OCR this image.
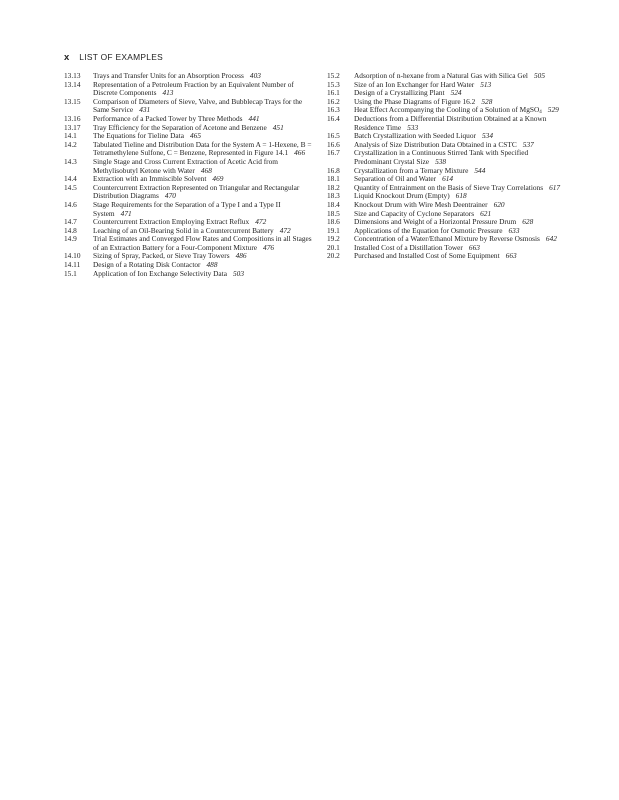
x LIST OF EXAMPLES
13.13	Trays and Transfer Units for an Absorption Process 403
13.14	Representation of a Petroleum Fraction by an Equivalent Number of Discrete Components 413
13.15	Comparison of Diameters of Sieve, Valve, and Bubblecap Trays for the Same Service 431
13.16	Performance of a Packed Tower by Three Methods 441
13.17	Tray Efficiency for the Separation of Acetone and Benzene 451
14.1	The Equations for Tieline Data 465
14.2	Tabulated Tieline and Distribution Data for the System A = 1-Hexene, B = Tetramethylene Sulfone, C = Benzene, Represented in Figure 14.1 466
14.3	Single Stage and Cross Current Extraction of Acetic Acid from Methylisobutyl Ketone with Water 468
14.4	Extraction with an Immiscible Solvent 469
14.5	Countercurrent Extraction Represented on Triangular and Rectangular Distribution Diagrams 470
14.6	Stage Requirements for the Separation of a Type I and a Type II System 471
14.7	Countercurrent Extraction Employing Extract Reflux 472
14.8	Leaching of an Oil-Bearing Solid in a Countercurrent Battery 472
14.9	Trial Estimates and Converged Flow Rates and Compositions in all Stages of an Extraction Battery for a Four-Component Mixture 476
14.10	Sizing of Spray, Packed, or Sieve Tray Towers 486
14.11	Design of a Rotating Disk Contactor 488
15.1	Application of Ion Exchange Selectivity Data 503
15.2	Adsorption of n-hexane from a Natural Gas with Silica Gel 505
15.3	Size of an Ion Exchanger for Hard Water 513
16.1	Design of a Crystallizing Plant 524
16.2	Using the Phase Diagrams of Figure 16.2 528
16.3	Heat Effect Accompanying the Cooling of a Solution of MgSO$_4$ 529
16.4	Deductions from a Differential Distribution Obtained at a Known Residence Time 533
16.5	Batch Crystallization with Seeded Liquor 534
16.6	Analysis of Size Distribution Data Obtained in a CSTC 537
16.7	Crystallization in a Continuous Stirred Tank with Specified Predominant Crystal Size 538
16.8	Crystallization from a Ternary Mixture 544
18.1	Separation of Oil and Water 614
18.2	Quantity of Entrainment on the Basis of Sieve Tray Correlations 617
18.3	Liquid Knockout Drum (Empty) 618
18.4	Knockout Drum with Wire Mesh Deentrainer 620
18.5	Size and Capacity of Cyclone Separators 621
18.6	Dimensions and Weight of a Horizontal Pressure Drum 628
19.1	Applications of the Equation for Osmotic Pressure 633
19.2	Concentration of a Water/Ethanol Mixture by Reverse Osmosis 642
20.1	Installed Cost of a Distillation Tower 663
20.2	Purchased and Installed Cost of Some Equipment 663
